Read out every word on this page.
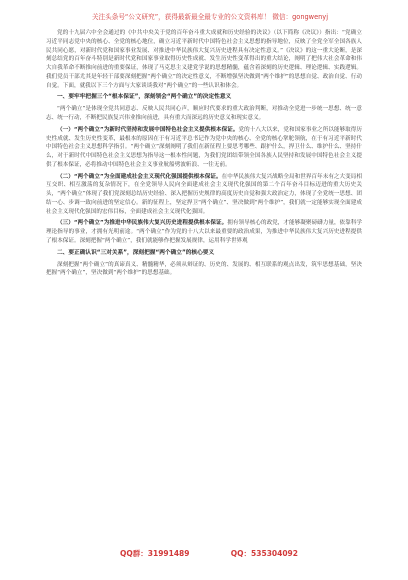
关注头条号“公文研究”，获得最新最全最专业的公文资料库！ 微信：gongwenyj

党的十九届六中全会通过的《中共中央关于党的百年奋斗重大成就和历史经验的决议》（以下简称《决议》）指出：“党确立习近平同志党中央的核心、全党的核心地位，确立习近平新时代中国特色社会主义思想的指导地位，反映了全党全军全国各族人民共同心愿，对新时代党和国家事业发展、对推进中华民族伟大复兴历史进程具有决定性意义。”《决议》的这一重大论断，是深刻总结党的百年奋斗特别是新时代党和国家事业取得历史性成就、发生历史性变革得出的重大结论，阐明了把伟大社会革命和伟大自我革命不断推向前进的重要保证，体现了马克思主义建党学说的思想精髓，蕴含着深刻的历史逻辑、理论逻辑、实践逻辑。我们党员干部尤其是年轻干部要深刻把握“两个确立”的决定性意义，不断增强坚决做到“两个维护”的思想自觉、政治自觉、行动自觉。下面，就我以下三个方面与大家谈谈我对“两个确立”的一些认识和体会。

一、要牢牢把握三个“根本保证”，深刻领会“两个确立”的决定性意义

“两个确立”是体现全党共同意志、反映人民共同心声，顺应时代要求的重大政治判断，对推动全党进一步统一思想、统一意志、统一行动，不断把民族复兴伟业推向前进，具有重大而深远的历史意义和现实意义。

（一）“两个确立”为新时代坚持和发展中国特色社会主义提供根本保证。党的十八大以来，党和国家事业之所以能够取得历史性成就、发生历史性变革，最根本的原因在于有习近平总书记作为党中央的核心、全党的核心掌舵领航，在于有习近平新时代中国特色社会主义思想科学指引。“两个确立”深刻阐明了我们在新征程上要思考哪些、跟护什么，捍卫什么、维护什么、坚持什么，对于新时代中国特色社会主义思想为指导这一根本性问题，为我们党团结带领全国各族人民坚持和发展中国特色社会主义提供了根本保证，必将推动中国特色社会主义事业航船劈波斩浪、一往无前。

（二）“两个确立”为全面建成社会主义现代化强国提供根本保证。在中华民族伟大复兴战略全局和世界百年未有之大变局相互交织、相互激荡的复杂情况下，在全党领导人民向全面建成社会主义现代化强国的第二个百年奋斗目标迈进的重大历史关头，“两个确立”体现了我们党深刻总结历史经验、深入把握历史规律的高度历史自觉和强大政治定力，体现了全党统一思想、团结一心、步调一致向前进的坚定信心。新的征程上，坚定捍卫“两个确立”、坚决做到“两个维护”，我们就一定能够实现全面建成社会主义现代化强国的宏伟目标，全面建成社会主义现代化强国。

（三）“两个确立”为推进中华民族伟大复兴历史进程提供根本保证。拥有领导核心的政党，才能够凝聚磅礴力量，依靠科学理论指导的事业，才拥有光明前途。“两个确立”作为党的十八大以来最重要的政治成果，为推进中华民族伟大复兴历史进程提供了根本保证。深刻把握“两个确立”，我们就能够作把握发展规律，运用科学世界观

二、要正确认识“三对关系”，深刻把握“两个确立”的核心要义

深刻把握“两个确立”的真谛真义、精髓精华，必须从辩证的、历史的、发展的、相互联系的观点出发，筑牢思想基础，坚决把握“两个确立”，坚决做到“两个维护”的思想基础。

QQ群：31991489	QQ：535304092
